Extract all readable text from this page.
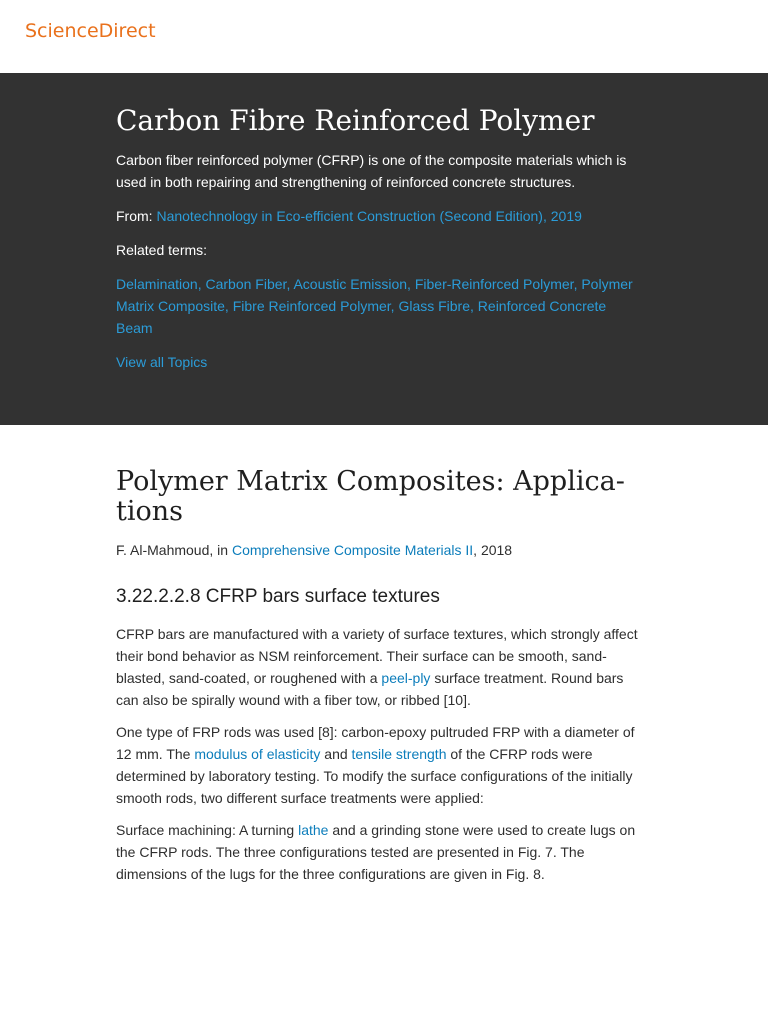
ScienceDirect
Carbon Fibre Reinforced Polymer

Carbon fiber reinforced polymer (CFRP) is one of the composite materials which is used in both repairing and strengthening of reinforced concrete structures.

From: Nanotechnology in Eco-efficient Construction (Second Edition), 2019

Related terms:

Delamination, Carbon Fiber, Acoustic Emission, Fiber-Reinforced Polymer, Polymer Matrix Composite, Fibre Reinforced Polymer, Glass Fibre, Reinforced Concrete Beam

View all Topics

Polymer Matrix Composites: Applica-tions

F. Al-Mahmoud, in Comprehensive Composite Materials II, 2018

3.22.2.2.8 CFRP bars surface textures

CFRP bars are manufactured with a variety of surface textures, which strongly affect their bond behavior as NSM reinforcement. Their surface can be smooth, sand-blasted, sand-coated, or roughened with a peel-ply surface treatment. Round bars can also be spirally wound with a fiber tow, or ribbed [10].

One type of FRP rods was used [8]: carbon-epoxy pultruded FRP with a diameter of 12 mm. The modulus of elasticity and tensile strength of the CFRP rods were determined by laboratory testing. To modify the surface configurations of the initially smooth rods, two different surface treatments were applied:

Surface machining: A turning lathe and a grinding stone were used to create lugs on the CFRP rods. The three configurations tested are presented in Fig. 7. The dimensions of the lugs for the three configurations are given in Fig. 8.
